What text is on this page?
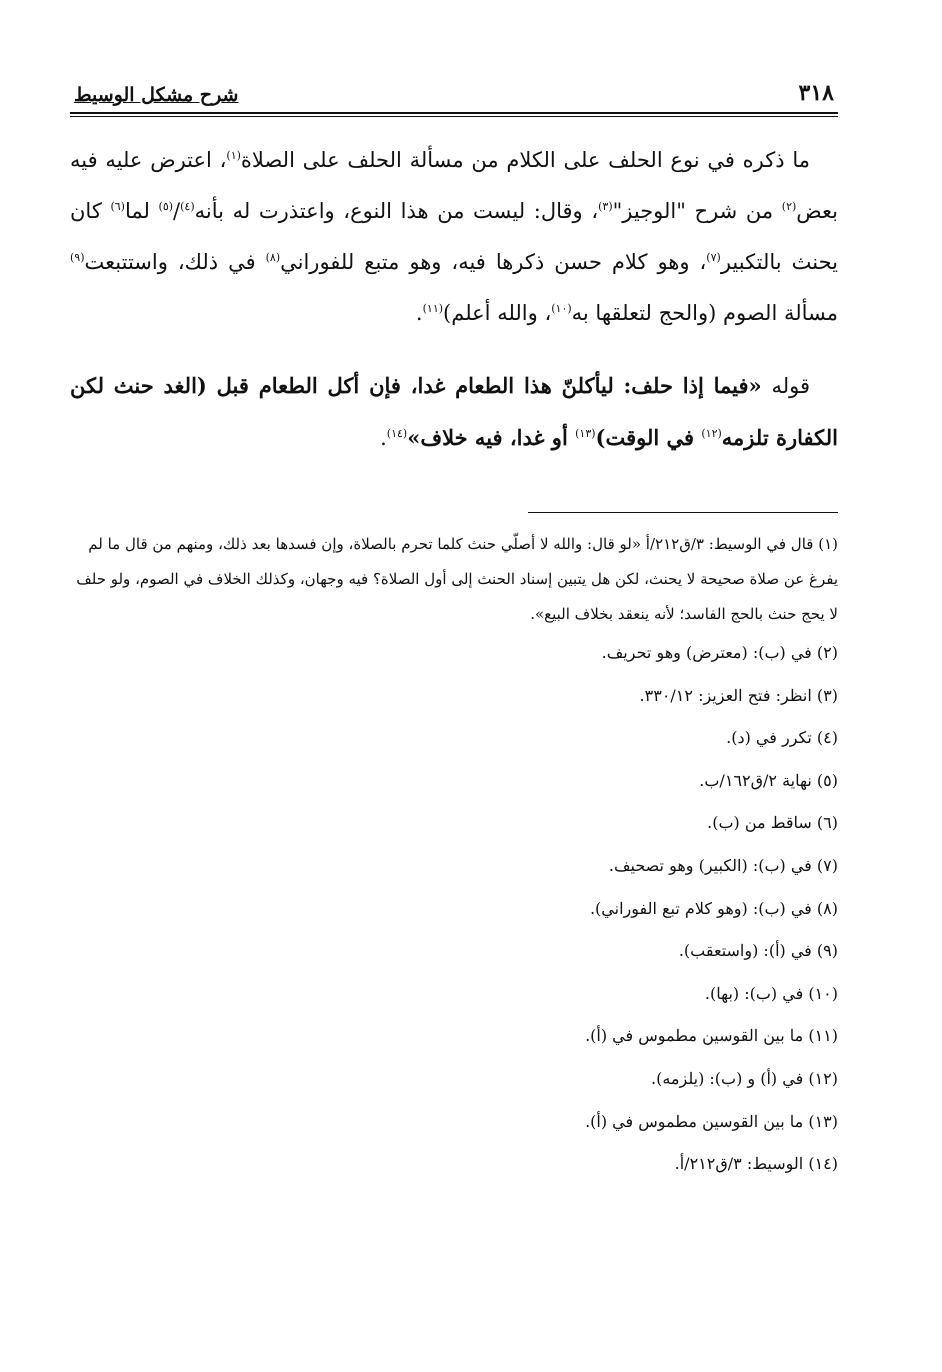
٣١٨
شرح مشكل الوسيط

ما ذكره في نوع الحلف على الكلام من مسألة الحلف على الصلاة$^{(١)}$، اعترض عليه فيه بعض$^{(٢)}$ من شرح "الوجيز"$^{(٣)}$، وقال: ليست من هذا النوع، واعتذرت له بأنه$^{(٤)}$/$^{(٥)}$ لما$^{(٦)}$ كان يحنث بالتكبير$^{(٧)}$، وهو كلام حسن ذكرها فيه، وهو متبع للفوراني$^{(٨)}$ في ذلك، واستتبعت$^{(٩)}$ مسألة الصوم (والحج لتعلقها به$^{(١٠)}$، والله أعلم)$^{(١١)}$.

قوله «فيما إذا حلف: ليأكلنّ هذا الطعام غدا، فإن أكل الطعام قبل (الغد حنث لكن الكفارة تلزمه$^{(١٢)}$ في الوقت)$^{(١٣)}$ أو غدا، فيه خلاف»$^{(١٤)}$.

(١) قال في الوسيط: ٣/ق٢١٢/أ «لو قال: والله لا أصلّي حنث كلما تحرم بالصلاة، وإن فسدها بعد ذلك، ومنهم من قال ما لم يفرغ عن صلاة صحيحة لا يحنث، لكن هل يتبين إسناد الحنث إلى أول الصلاة؟ فيه وجهان، وكذلك الخلاف في الصوم، ولو حلف لا يحج حنث بالحج الفاسد؛ لأنه ينعقد بخلاف البيع».

(٢) في (ب): (معترض) وهو تحريف.
(٣) انظر: فتح العزيز: ٣٣٠/١٢.
(٤) تكرر في (د).
(٥) نهاية ٢/ق١٦٢/ب.
(٦) ساقط من (ب).
(٧) في (ب): (الكبير) وهو تصحيف.
(٨) في (ب): (وهو كلام تبع الفوراني).
(٩) في (أ): (واستعقب).
(١٠) في (ب): (بها).
(١١) ما بين القوسين مطموس في (أ).
(١٢) في (أ) و (ب): (يلزمه).
(١٣) ما بين القوسين مطموس في (أ).
(١٤) الوسيط: ٣/ق٢١٢/أ.
